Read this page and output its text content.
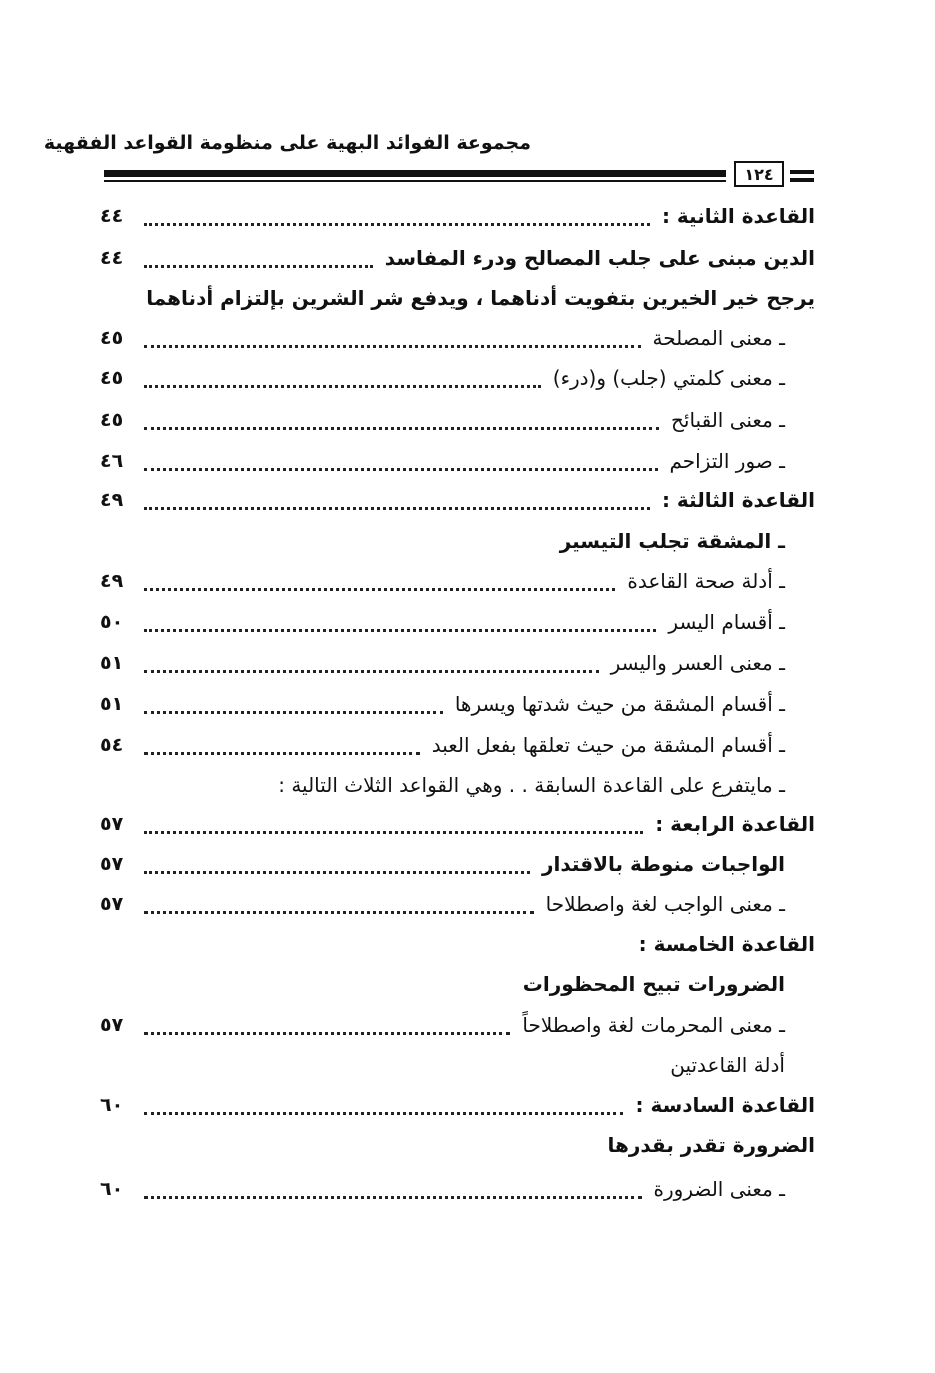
مجموعة الفوائد البهية على منظومة القواعد الفقهية
١٢٤
القاعدة الثانية :
٤٤
الدين مبنى على جلب المصالح ودرء المفاسد
٤٤
يرجح خير الخيرين بتفويت أدناهما ، ويدفع شر الشرين بإلتزام أدناهما
ـ معنى المصلحة
٤٥
ـ معنى كلمتي (جلب) و(درء)
٤٥
ـ معنى القبائح
٤٥
ـ صور التزاحم
٤٦
القاعدة الثالثة :
٤٩
ـ المشقة تجلب التيسير
ـ أدلة صحة القاعدة
٤٩
ـ أقسام اليسر
٥٠
ـ معنى العسر واليسر
٥١
ـ أقسام المشقة من حيث شدتها ويسرها
٥١
ـ أقسام المشقة من حيث تعلقها بفعل العبد
٥٤
ـ مايتفرع على القاعدة السابقة . . وهي القواعد الثلاث التالية :
القاعدة الرابعة :
٥٧
الواجبات منوطة بالاقتدار
٥٧
ـ معنى الواجب لغة واصطلاحا
٥٧
القاعدة الخامسة :
الضرورات تبيح المحظورات
ـ معنى المحرمات لغة واصطلاحاً
٥٧
أدلة القاعدتين
القاعدة السادسة :
٦٠
الضرورة تقدر بقدرها
ـ معنى الضرورة
٦٠
